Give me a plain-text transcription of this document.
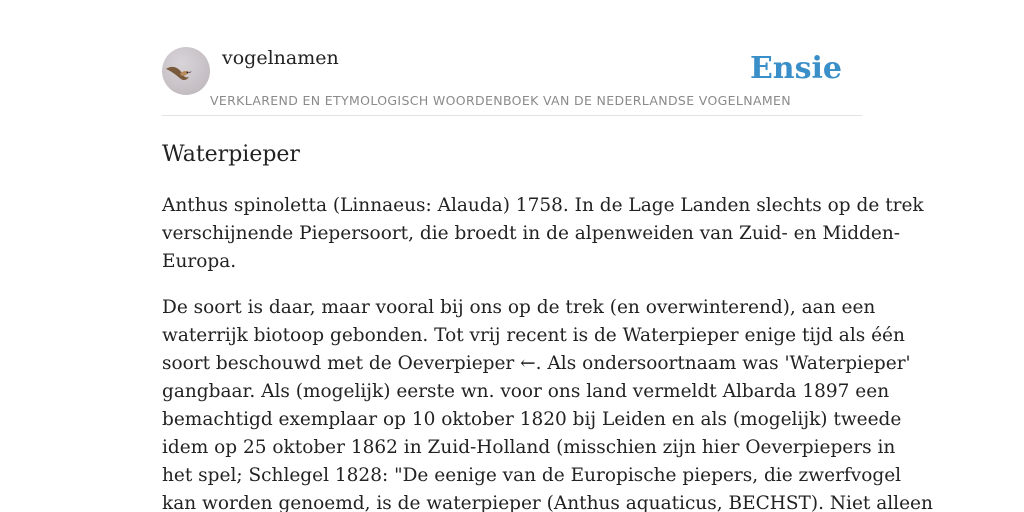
vogelnamen	Ensie
VERKLAREND EN ETYMOLOGISCH WOORDENBOEK VAN DE NEDERLANDSE VOGELNAMEN
Waterpieper

Anthus spinoletta (Linnaeus: Alauda) 1758. In de Lage Landen slechts op de trek
verschijnende Piepersoort, die broedt in de alpenweiden van Zuid- en Midden-
Europa.

De soort is daar, maar vooral bij ons op de trek (en overwinterend), aan een
waterrijk biotoop gebonden. Tot vrij recent is de Waterpieper enige tijd als één
soort beschouwd met de Oeverpieper ←. Als ondersoortnaam was 'Waterpieper'
gangbaar. Als (mogelijk) eerste wn. voor ons land vermeldt Albarda 1897 een
bemachtigd exemplaar op 10 oktober 1820 bij Leiden en als (mogelijk) tweede
idem op 25 oktober 1862 in Zuid-Holland (misschien zijn hier Oeverpiepers in
het spel; Schlegel 1828: "De eenige van de Europische piepers, die zwerfvogel
kan worden genoemd, is de waterpieper (Anthus aquaticus, BECHST). Niet alleen
